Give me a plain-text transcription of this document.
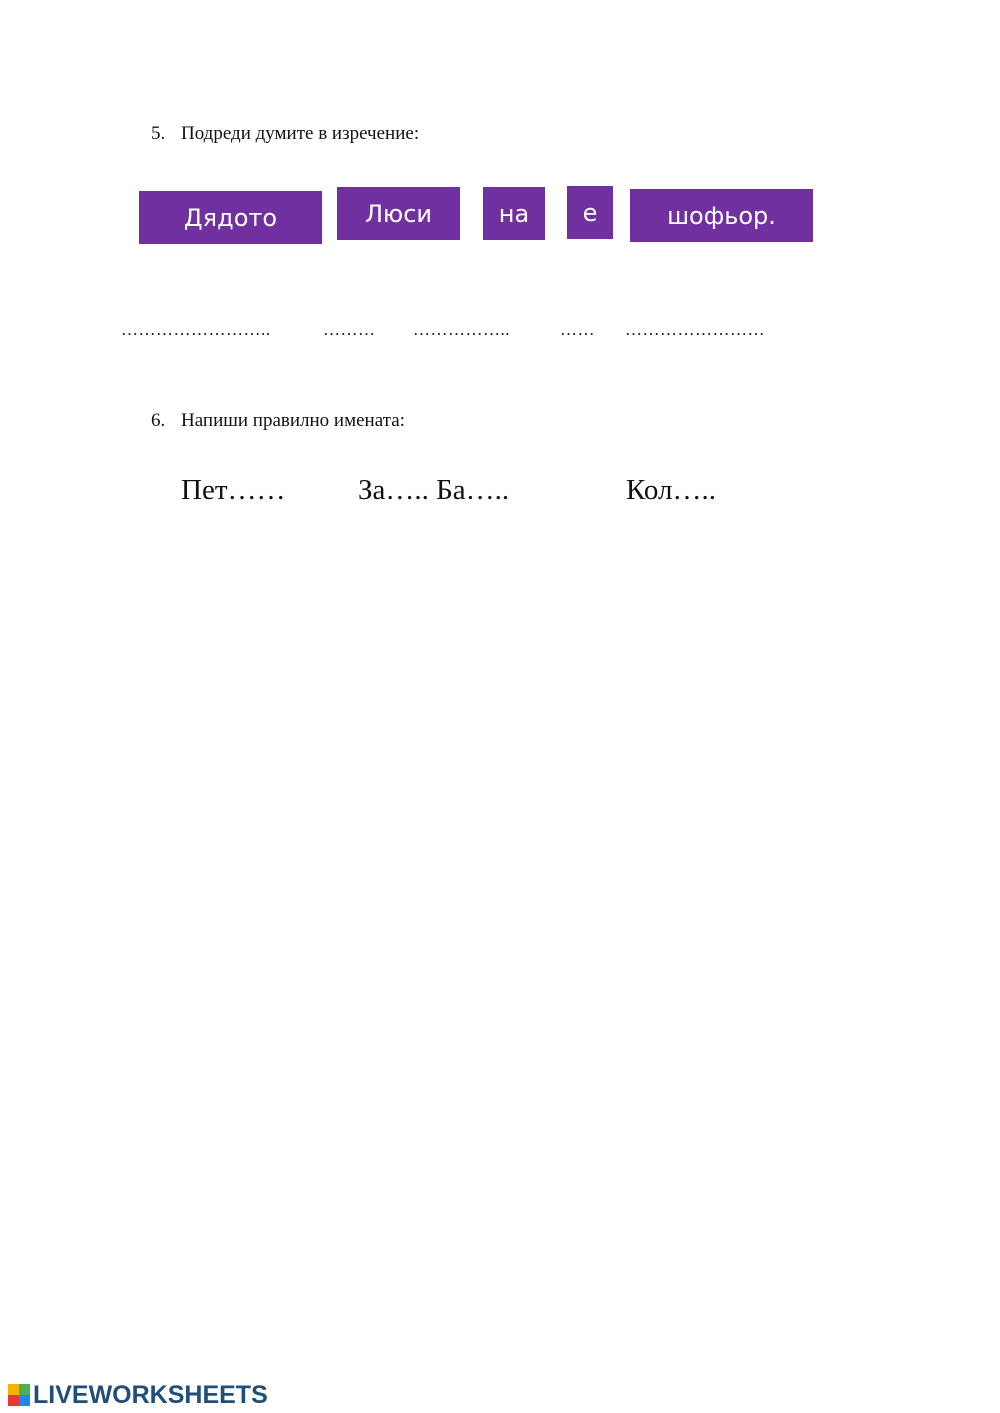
5. Подреди думите в изречение:
Дядото	Люси	на	е	шофьор.
……………………..	……… ……………..	…… ……………………
6. Напиши правилно имената:
Пет……	За….. Ба…..	Кол…..
LIVEWORKSHEETS
